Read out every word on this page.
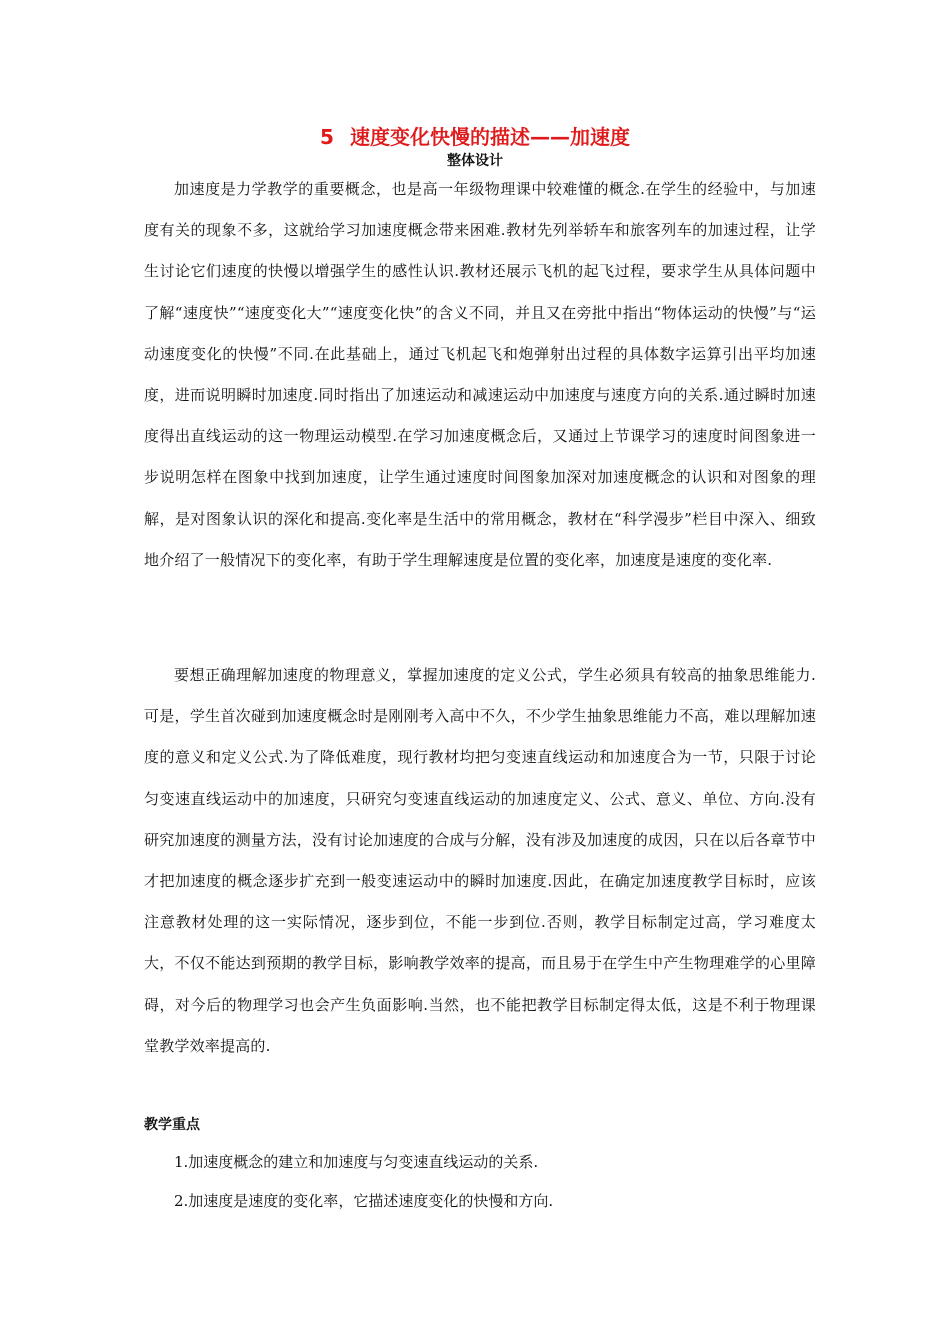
5 速度变化快慢的描述——加速度
整体设计

加速度是力学教学的重要概念，也是高一年级物理课中较难懂的概念.在学生的经验中，与加速度有关的现象不多，这就给学习加速度概念带来困难.教材先列举轿车和旅客列车的加速过程，让学生讨论它们速度的快慢以增强学生的感性认识.教材还展示飞机的起飞过程，要求学生从具体问题中了解“速度快”“速度变化大”“速度变化快”的含义不同，并且又在旁批中指出“物体运动的快慢”与“运动速度变化的快慢”不同.在此基础上，通过飞机起飞和炮弹射出过程的具体数字运算引出平均加速度，进而说明瞬时加速度.同时指出了加速运动和减速运动中加速度与速度方向的关系.通过瞬时加速度得出直线运动的这一物理运动模型.在学习加速度概念后，又通过上节课学习的速度时间图象进一步说明怎样在图象中找到加速度，让学生通过速度时间图象加深对加速度概念的认识和对图象的理解，是对图象认识的深化和提高.变化率是生活中的常用概念，教材在“科学漫步”栏目中深入、细致地介绍了一般情况下的变化率，有助于学生理解速度是位置的变化率，加速度是速度的变化率.

要想正确理解加速度的物理意义，掌握加速度的定义公式，学生必须具有较高的抽象思维能力.可是，学生首次碰到加速度概念时是刚刚考入高中不久，不少学生抽象思维能力不高，难以理解加速度的意义和定义公式.为了降低难度，现行教材均把匀变速直线运动和加速度合为一节，只限于讨论匀变速直线运动中的加速度，只研究匀变速直线运动的加速度定义、公式、意义、单位、方向.没有研究加速度的测量方法，没有讨论加速度的合成与分解，没有涉及加速度的成因，只在以后各章节中才把加速度的概念逐步扩充到一般变速运动中的瞬时加速度.因此，在确定加速度教学目标时，应该注意教材处理的这一实际情况，逐步到位，不能一步到位.否则，教学目标制定过高，学习难度太大，不仅不能达到预期的教学目标，影响教学效率的提高，而且易于在学生中产生物理难学的心里障碍，对今后的物理学习也会产生负面影响.当然，也不能把教学目标制定得太低，这是不利于物理课堂教学效率提高的.

教学重点

1.加速度概念的建立和加速度与匀变速直线运动的关系.

2.加速度是速度的变化率，它描述速度变化的快慢和方向.
